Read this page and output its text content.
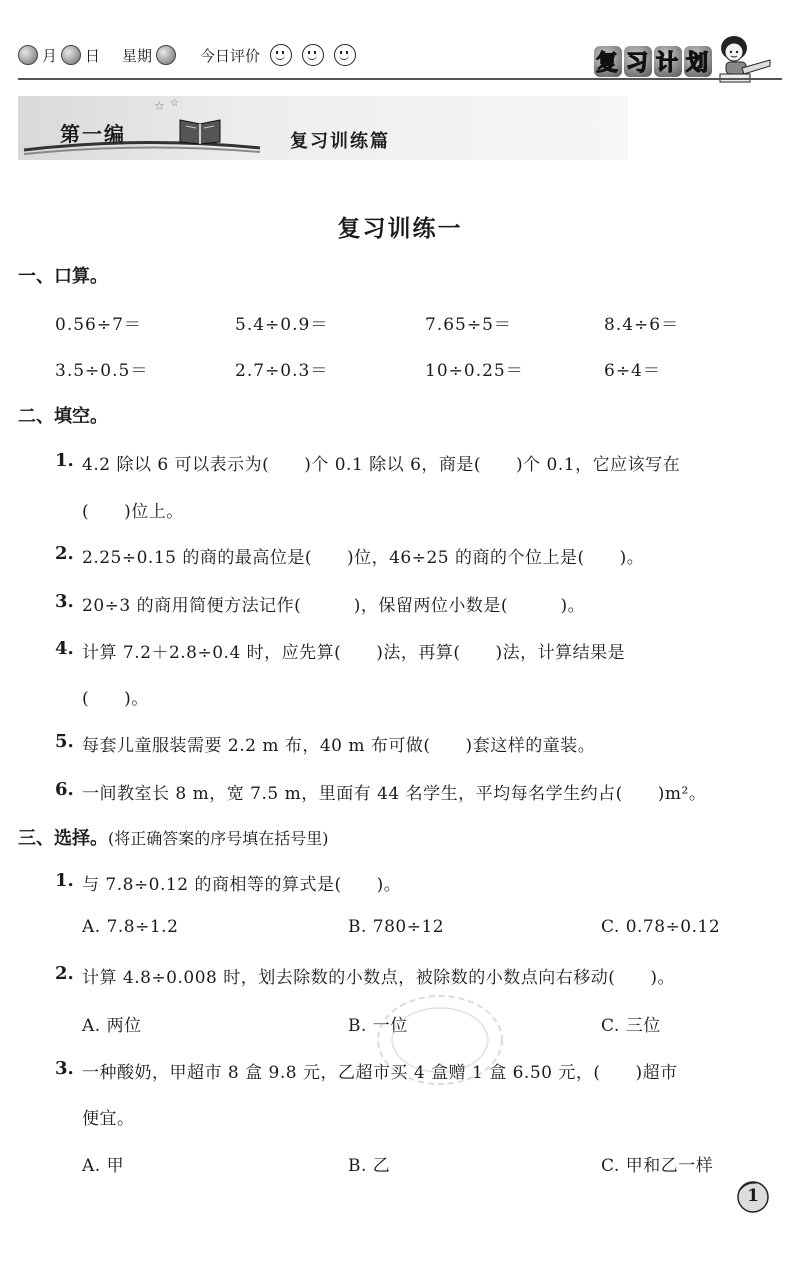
月 日 星期	今日评价	复 习 计 划
☆ ☆
第一编	复习训练篇
复习训练一
一、口算。
0.56÷7＝	5.4÷0.9＝	7.65÷5＝	8.4÷6＝
3.5÷0.5＝	2.7÷0.3＝	10÷0.25＝	6÷4＝
二、填空。
1. 4.2 除以 6 可以表示为(　　)个 0.1 除以 6，商是(　　)个 0.1，它应该写在
(　　)位上。
2. 2.25÷0.15 的商的最高位是(　　)位，46÷25 的商的个位上是(　　)。
3. 20÷3 的商用简便方法记作(　　　)，保留两位小数是(　　　)。
4. 计算 7.2＋2.8÷0.4 时，应先算(　　)法，再算(　　)法，计算结果是
(　　)。
5. 每套儿童服装需要 2.2 m 布，40 m 布可做(　　)套这样的童装。
6. 一间教室长 8 m，宽 7.5 m，里面有 44 名学生，平均每名学生约占(　　)m²。
三、选择。(将正确答案的序号填在括号里)
1. 与 7.8÷0.12 的商相等的算式是(　　)。
A. 7.8÷1.2	B. 780÷12	C. 0.78÷0.12
2. 计算 4.8÷0.008 时，划去除数的小数点，被除数的小数点向右移动(　　)。
A. 两位	B. 一位	C. 三位
3. 一种酸奶，甲超市 8 盒 9.8 元，乙超市买 4 盒赠 1 盒 6.50 元，(　　)超市
便宜。
A. 甲	B. 乙	C. 甲和乙一样
1
